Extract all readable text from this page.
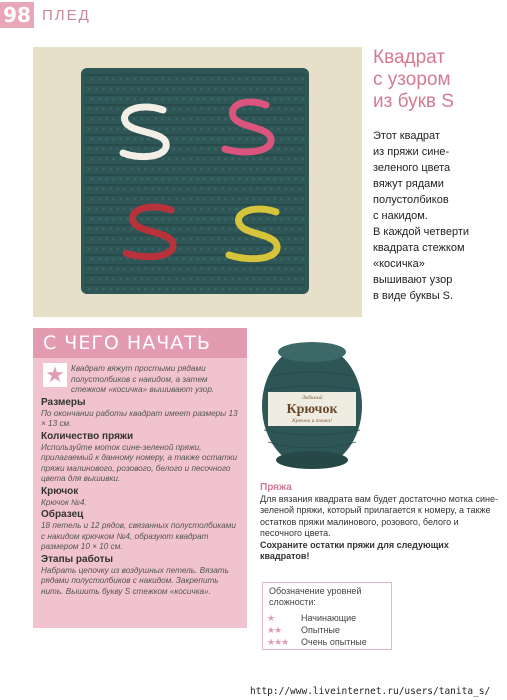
98 ПЛЕД
Квадрат
с узором
из букв S
Этот квадрат
из пряжи сине-
зеленого цвета
вяжут рядами
полустолбиков
с накидом.
В каждой четверти
квадрата стежком
«косичка»
вышивают узор
в виде буквы S.
С ЧЕГО НАЧАТЬ
★ Квадрат вяжут простыми рядами полустолбиков с накидом, а затем стежком «косичка» вышивают узор.

Размеры

По окончании работы квадрат имеет размеры 13 × 13 см.

Количество пряжи

Используйте моток сине-зеленой пряжи, прилагаемый к данному номеру, а также остатки пряжи малинового, розового, белого и песочного цвета для вышивки.

Крючок

Крючок №4.

Образец

18 петель и 12 рядов, связанных полустолбиками с накидом крючком №4, образуют квадрат размером 10 × 10 см.

Этапы работы

Набрать цепочку из воздушных петель. Вязать рядами полустолбиков с накидом. Закрепить нить. Вышить букву S стежком «косичка».

Любимый
Крючок
Крючок и точка!
Пряжа
Для вязания квадрата вам будет достаточно мотка сине-зеленой пряжи, который прилагается к номеру, а также остатков пряжи малинового, розового, белого и песочного цвета.
Сохраните остатки пряжи для следующих квадратов!
Обозначение уровней сложности:
★	Начинающие
★★ Опытные
★★★ Очень опытные
http://www.liveinternet.ru/users/tanita_s/
